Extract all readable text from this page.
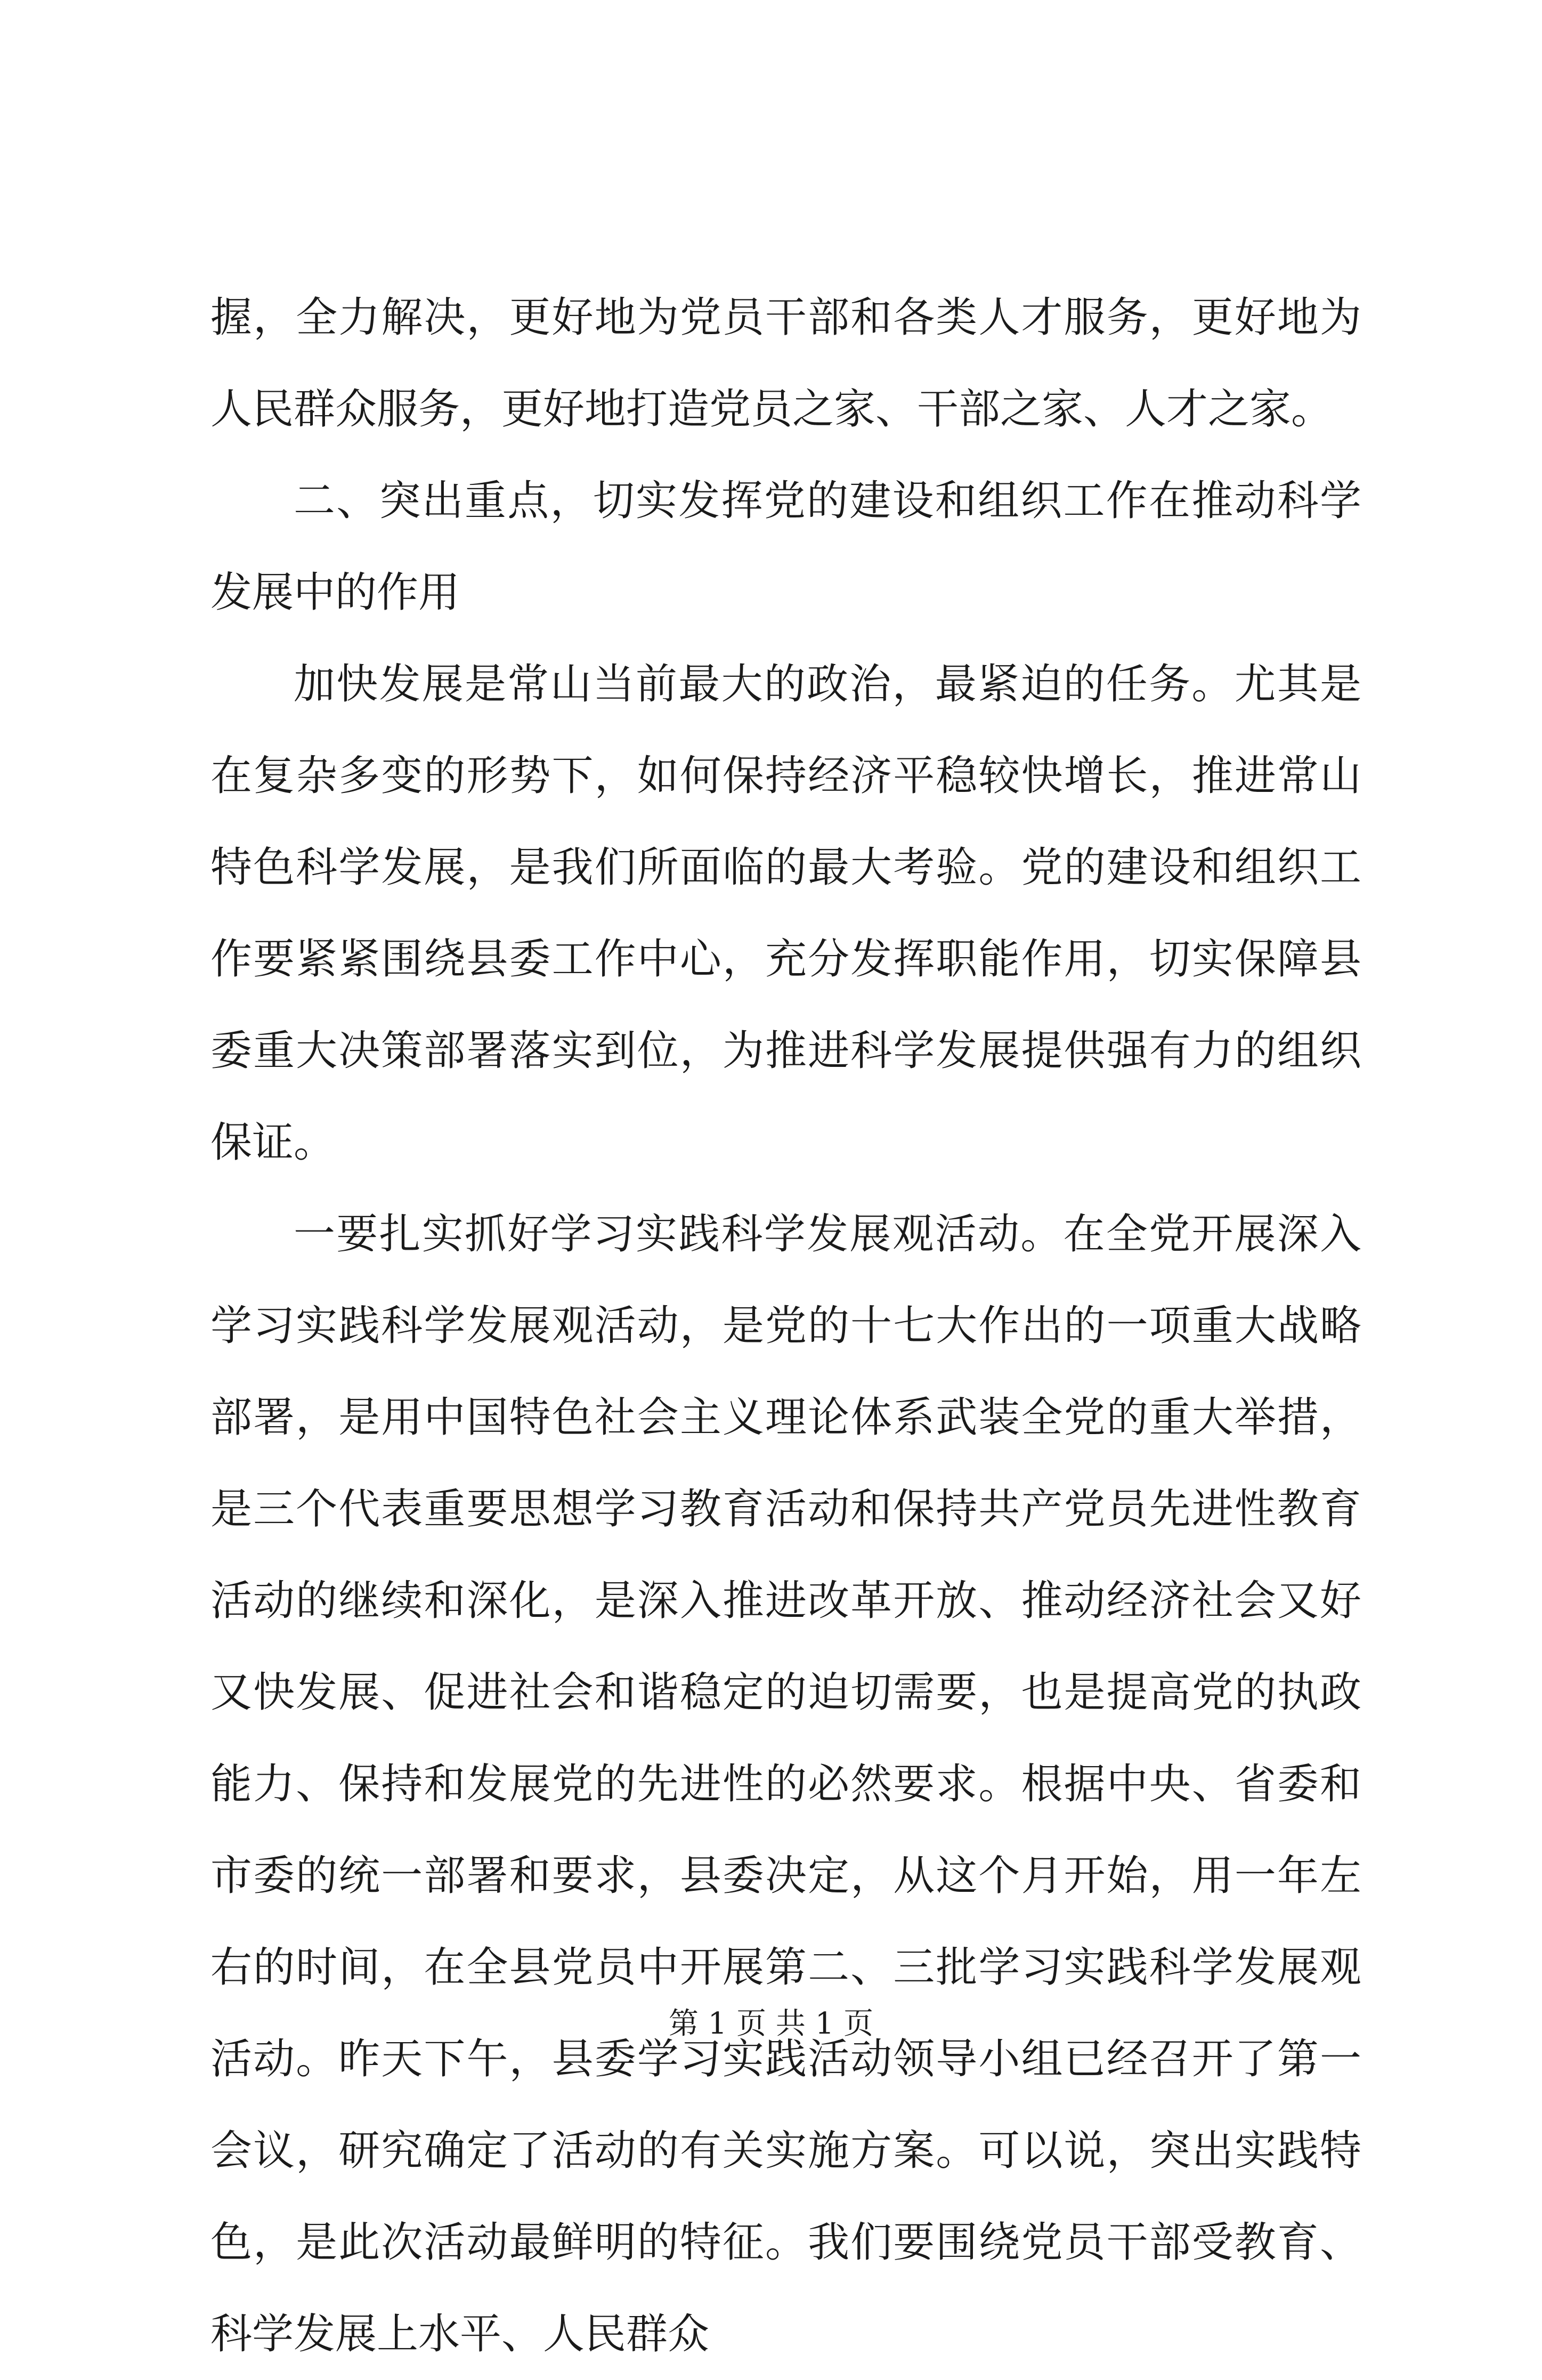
握，全力解决，更好地为党员干部和各类人才服务，更好地为人民群众服务，更好地打造党员之家、干部之家、人才之家。

二、突出重点，切实发挥党的建设和组织工作在推动科学发展中的作用

加快发展是常山当前最大的政治，最紧迫的任务。尤其是在复杂多变的形势下，如何保持经济平稳较快增长，推进常山特色科学发展，是我们所面临的最大考验。党的建设和组织工作要紧紧围绕县委工作中心，充分发挥职能作用，切实保障县委重大决策部署落实到位，为推进科学发展提供强有力的组织保证。

一要扎实抓好学习实践科学发展观活动。在全党开展深入学习实践科学发展观活动，是党的十七大作出的一项重大战略部署，是用中国特色社会主义理论体系武装全党的重大举措，是三个代表重要思想学习教育活动和保持共产党员先进性教育活动的继续和深化，是深入推进改革开放、推动经济社会又好又快发展、促进社会和谐稳定的迫切需要，也是提高党的执政能力、保持和发展党的先进性的必然要求。根据中央、省委和市委的统一部署和要求，县委决定，从这个月开始，用一年左右的时间，在全县党员中开展第二、三批学习实践科学发展观活动。昨天下午，县委学习实践活动领导小组已经召开了第一会议，研究确定了活动的有关实施方案。可以说，突出实践特色，是此次活动最鲜明的特征。我们要围绕党员干部受教育、科学发展上水平、人民群众

第 1 页 共 1 页
